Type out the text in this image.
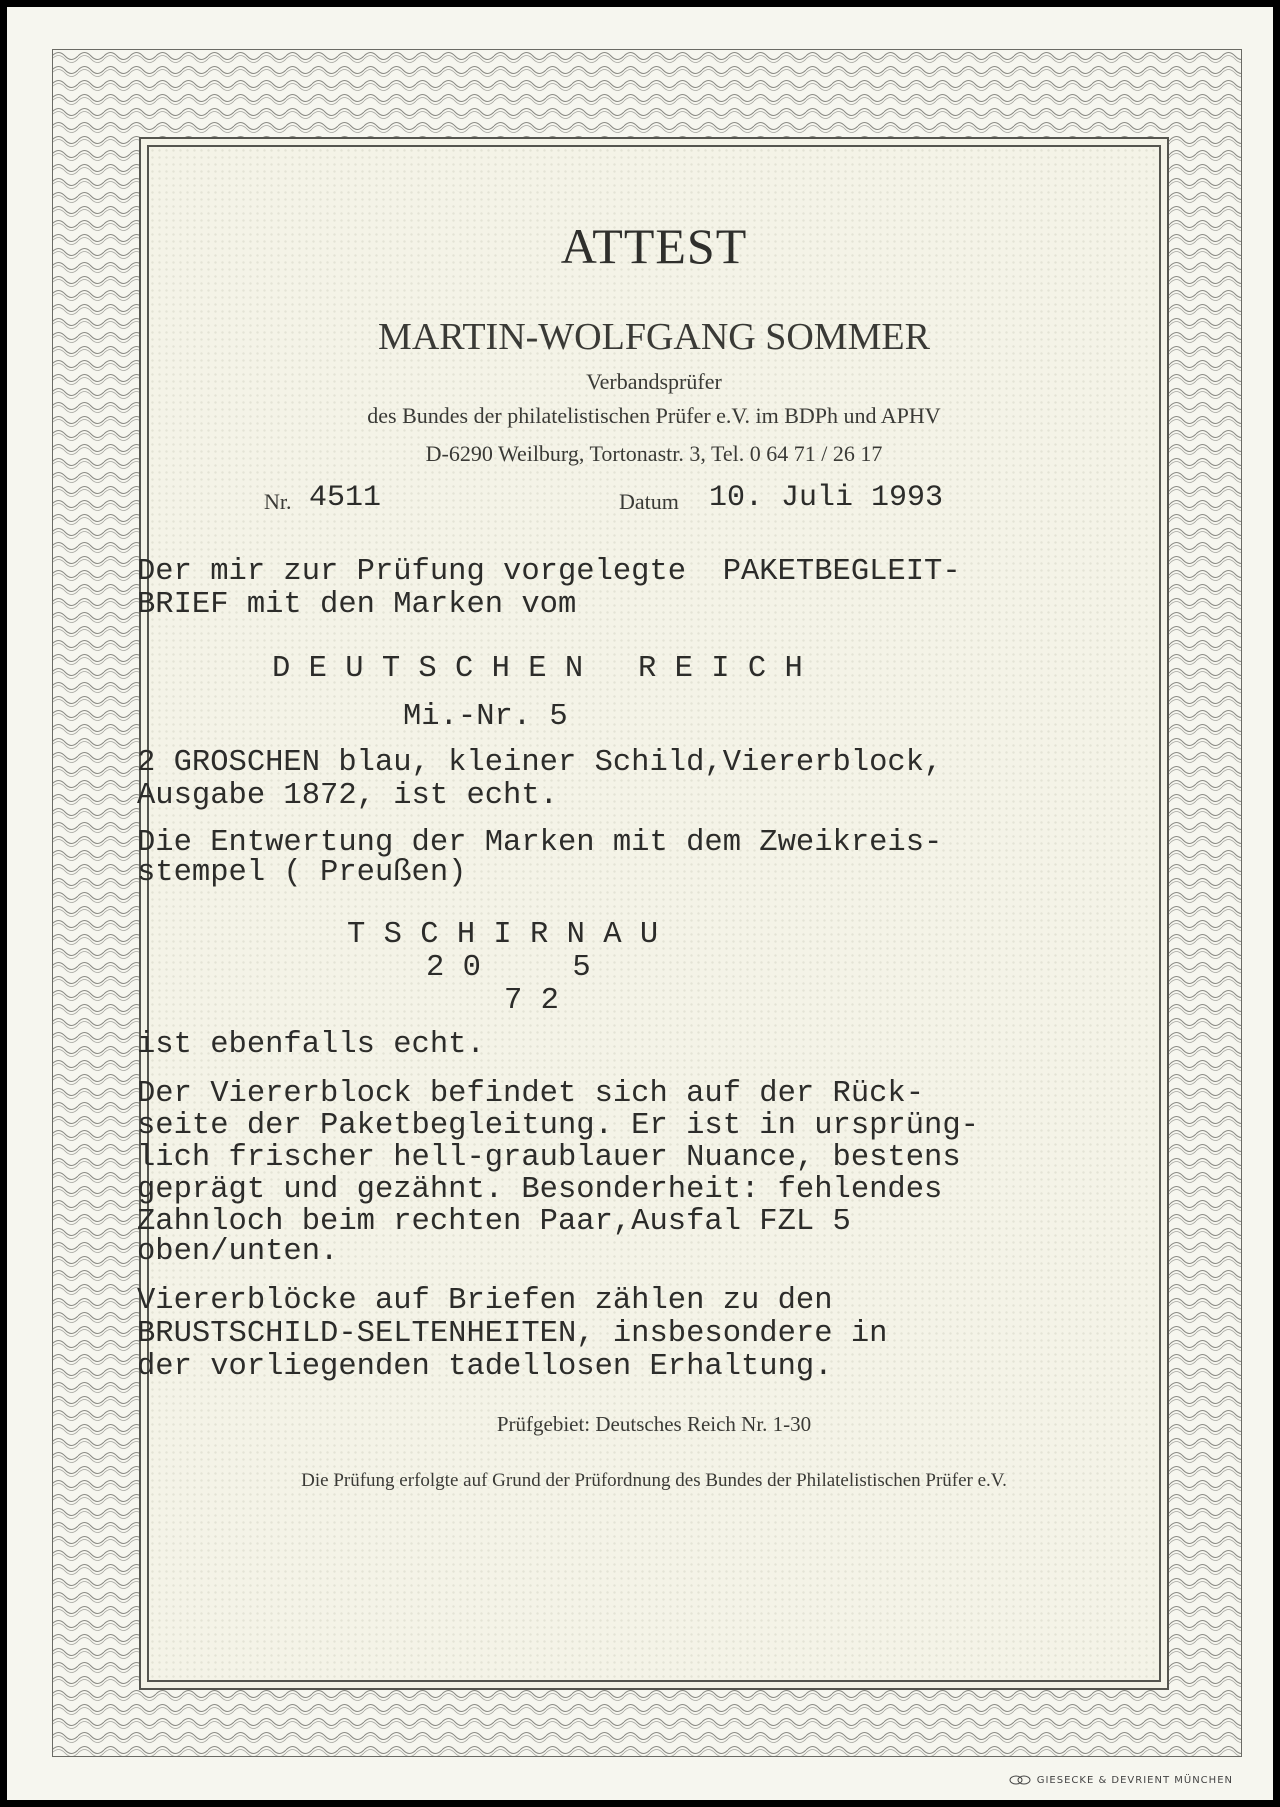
ATTEST
MARTIN-WOLFGANG SOMMER
Verbandsprüfer
des Bundes der philatelistischen Prüfer e.V. im BDPh und APHV
D-6290 Weilburg, Tortonastr. 3, Tel. 0 64 71 / 26 17
Nr. 4511	Datum 10. Juli 1993
Der mir zur Prüfung vorgelegte  PAKETBEGLEIT-
BRIEF mit den Marken vom
D E U T S C H E N   R E I C H
Mi.-Nr. 5
2 GROSCHEN blau, kleiner Schild,Viererblock,
Ausgabe 1872, ist echt.
Die Entwertung der Marken mit dem Zweikreis-
stempel ( Preußen)
T S C H I R N A U
2 0     5
7 2
ist ebenfalls echt.
Der Viererblock befindet sich auf der Rück-
seite der Paketbegleitung. Er ist in ursprüng-
lich frischer hell-graublauer Nuance, bestens
geprägt und gezähnt. Besonderheit: fehlendes
Zahnloch beim rechten Paar,Ausfal FZL 5
oben/unten.
Viererblöcke auf Briefen zählen zu den
BRUSTSCHILD-SELTENHEITEN, insbesondere in
der vorliegenden tadellosen Erhaltung.
Prüfgebiet: Deutsches Reich Nr. 1-30
Die Prüfung erfolgte auf Grund der Prüfordnung des Bundes der Philatelistischen Prüfer e.V.
GIESECKE & DEVRIENT MÜNCHEN
